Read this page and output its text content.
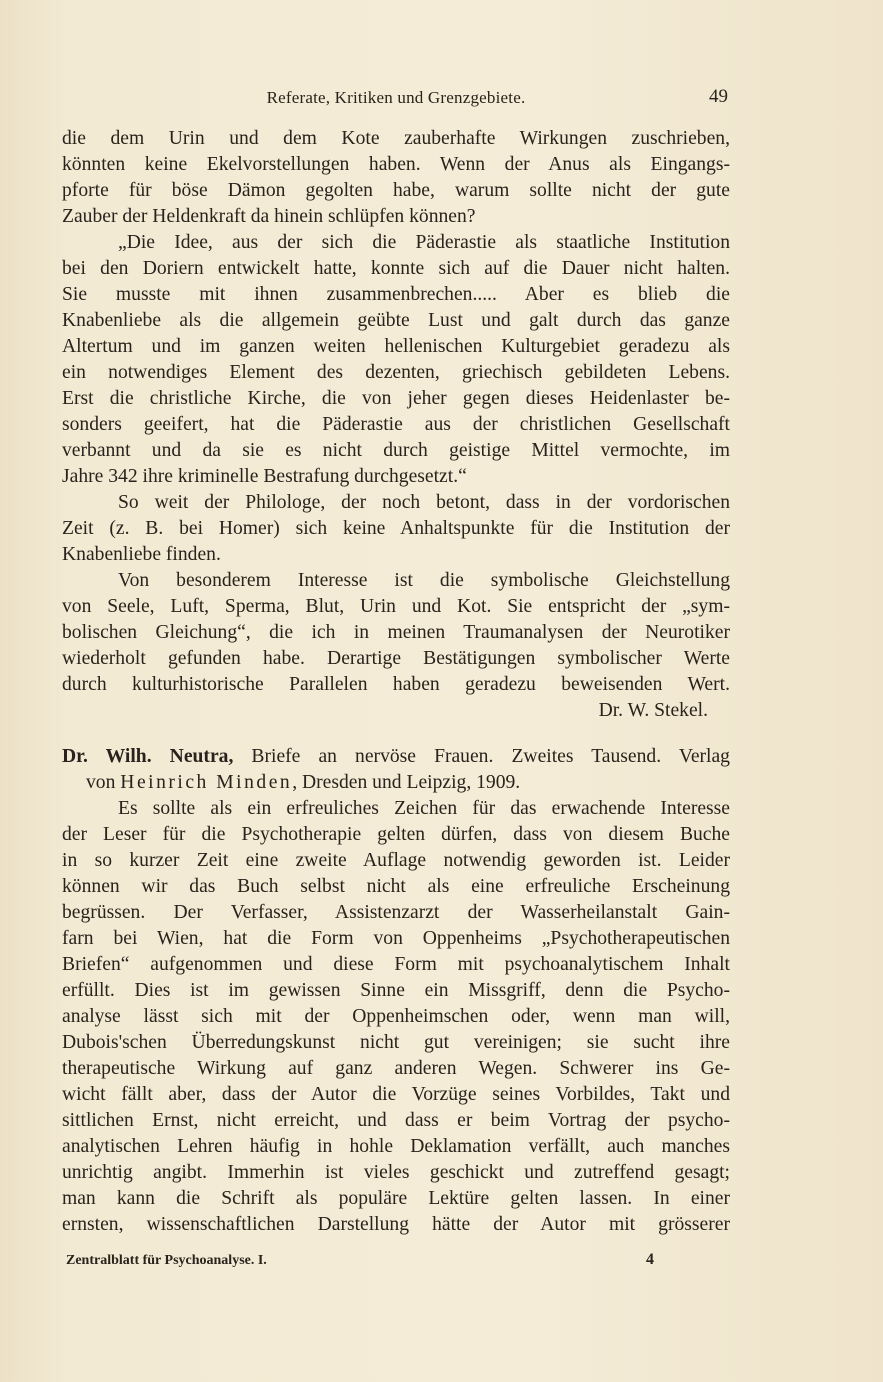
Referate, Kritiken und Grenzgebiete.	49
die dem Urin und dem Kote zauberhafte Wirkungen zuschrieben,
könnten keine Ekelvorstellungen haben. Wenn der Anus als Eingangs-
pforte für böse Dämon gegolten habe, warum sollte nicht der gute
Zauber der Heldenkraft da hinein schlüpfen können?
„Die Idee, aus der sich die Päderastie als staatliche Institution
bei den Doriern entwickelt hatte, konnte sich auf die Dauer nicht halten.
Sie musste mit ihnen zusammenbrechen..... Aber es blieb die
Knabenliebe als die allgemein geübte Lust und galt durch das ganze
Altertum und im ganzen weiten hellenischen Kulturgebiet geradezu als
ein notwendiges Element des dezenten, griechisch gebildeten Lebens.
Erst die christliche Kirche, die von jeher gegen dieses Heidenlaster be-
sonders geeifert, hat die Päderastie aus der christlichen Gesellschaft
verbannt und da sie es nicht durch geistige Mittel vermochte, im
Jahre 342 ihre kriminelle Bestrafung durchgesetzt.“
So weit der Philologe, der noch betont, dass in der vordorischen
Zeit (z. B. bei Homer) sich keine Anhaltspunkte für die Institution der
Knabenliebe finden.
Von besonderem Interesse ist die symbolische Gleichstellung
von Seele, Luft, Sperma, Blut, Urin und Kot. Sie entspricht der „sym-
bolischen Gleichung“, die ich in meinen Traumanalysen der Neurotiker
wiederholt gefunden habe. Derartige Bestätigungen symbolischer Werte
durch kulturhistorische Parallelen haben geradezu beweisenden Wert.
Dr. W. Stekel.
Dr. Wilh. Neutra, Briefe an nervöse Frauen. Zweites Tausend. Verlag
von Heinrich Minden, Dresden und Leipzig, 1909.
Es sollte als ein erfreuliches Zeichen für das erwachende Interesse
der Leser für die Psychotherapie gelten dürfen, dass von diesem Buche
in so kurzer Zeit eine zweite Auflage notwendig geworden ist. Leider
können wir das Buch selbst nicht als eine erfreuliche Erscheinung
begrüssen. Der Verfasser, Assistenzarzt der Wasserheilanstalt Gain-
farn bei Wien, hat die Form von Oppenheims „Psychotherapeutischen
Briefen“ aufgenommen und diese Form mit psychoanalytischem Inhalt
erfüllt. Dies ist im gewissen Sinne ein Missgriff, denn die Psycho-
analyse lässt sich mit der Oppenheimschen oder, wenn man will,
Dubois'schen Überredungskunst nicht gut vereinigen; sie sucht ihre
therapeutische Wirkung auf ganz anderen Wegen. Schwerer ins Ge-
wicht fällt aber, dass der Autor die Vorzüge seines Vorbildes, Takt und
sittlichen Ernst, nicht erreicht, und dass er beim Vortrag der psycho-
analytischen Lehren häufig in hohle Deklamation verfällt, auch manches
unrichtig angibt. Immerhin ist vieles geschickt und zutreffend gesagt;
man kann die Schrift als populäre Lektüre gelten lassen. In einer
ernsten, wissenschaftlichen Darstellung hätte der Autor mit grösserer
Zentralblatt für Psychoanalyse. I.	4
